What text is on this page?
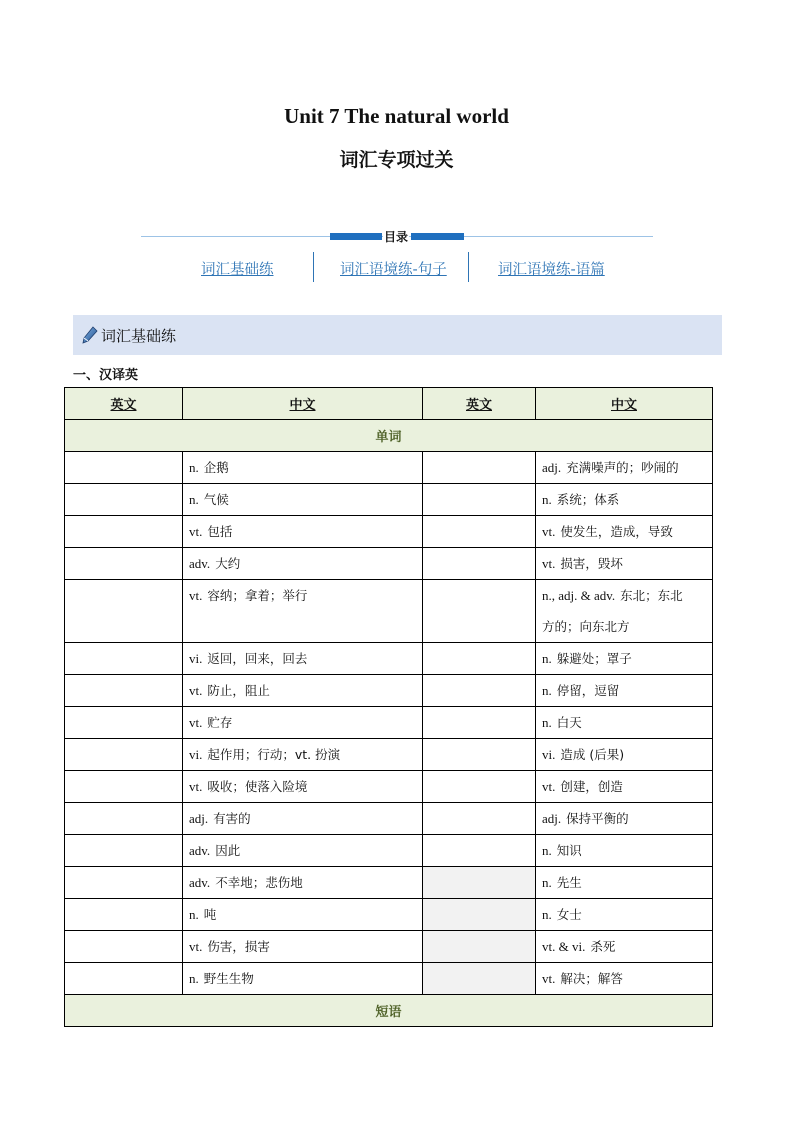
Unit 7 The natural world
词汇专项过关
目录
词汇基础练	词汇语境练-句子	词汇语境练-语篇
词汇基础练
一、汉译英
英文	中文	英文	中文
单词			
	n. 企鹅		adj. 充满噪声的；吵闹的
	n. 气候		n. 系统；体系
	vt. 包括		vt. 使发生，造成，导致
	adv. 大约		vt. 损害，毁坏
	vt. 容纳；拿着；举行		n., adj. & adv. 东北；东北
方的；向东北方
	vi. 返回，回来，回去		n. 躲避处；罩子
	vt. 防止，阻止		n. 停留，逗留
	vt. 贮存		n. 白天
	vi. 起作用；行动；vt. 扮演		vi. 造成 (后果)
	vt. 吸收；使落入险境		vt. 创建，创造
	adj. 有害的		adj. 保持平衡的
	adv. 因此		n. 知识
	adv. 不幸地；悲伤地		n. 先生
	n. 吨		n. 女士
	vt. 伤害，损害		vt. & vi. 杀死
	n. 野生生物		vt. 解决；解答
短语			
